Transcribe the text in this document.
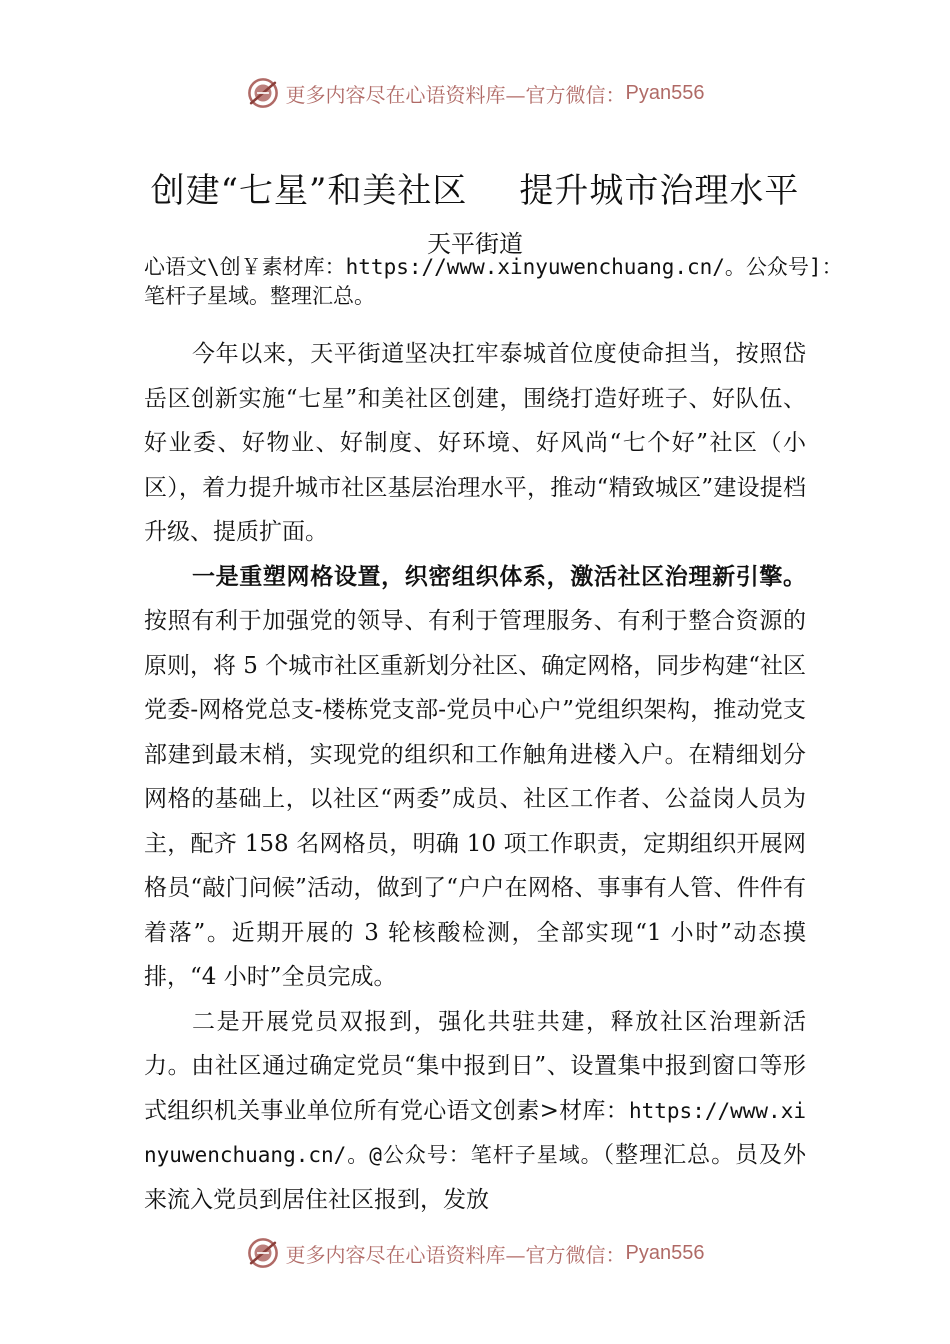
更多内容尽在心语资料库—官方微信： Pyan556
创建“七星”和美社区 提升城市治理水平
天平街道
心语文\创￥素材库：https://www.xinyuwenchuang.cn/。公众号]：笔杆子星域。整理汇总。

今年以来，天平街道坚决扛牢泰城首位度使命担当，按照岱岳区创新实施“七星”和美社区创建，围绕打造好班子、好队伍、好业委、好物业、好制度、好环境、好风尚“七个好”社区（小区），着力提升城市社区基层治理水平，推动“精致城区”建设提档升级、提质扩面。

一是重塑网格设置，织密组织体系，激活社区治理新引擎。按照有利于加强党的领导、有利于管理服务、有利于整合资源的原则，将 5 个城市社区重新划分社区、确定网格，同步构建“社区党委-网格党总支-楼栋党支部-党员中心户”党组织架构，推动党支部建到最末梢，实现党的组织和工作触角进楼入户。在精细划分网格的基础上，以社区“两委”成员、社区工作者、公益岗人员为主，配齐 158 名网格员，明确 10 项工作职责，定期组织开展网格员“敲门问候”活动，做到了“户户在网格、事事有人管、件件有着落”。近期开展的 3 轮核酸检测，全部实现“1 小时”动态摸排，“4 小时”全员完成。

二是开展党员双报到，强化共驻共建，释放社区治理新活力。由社区通过确定党员“集中报到日”、设置集中报到窗口等形式组织机关事业单位所有党心语文创素>材库：https://www.xinyuwenchuang.cn/。@公众号：笔杆子星域。（整理汇总。员及外来流入党员到居住社区报到，发放

更多内容尽在心语资料库—官方微信： Pyan556
